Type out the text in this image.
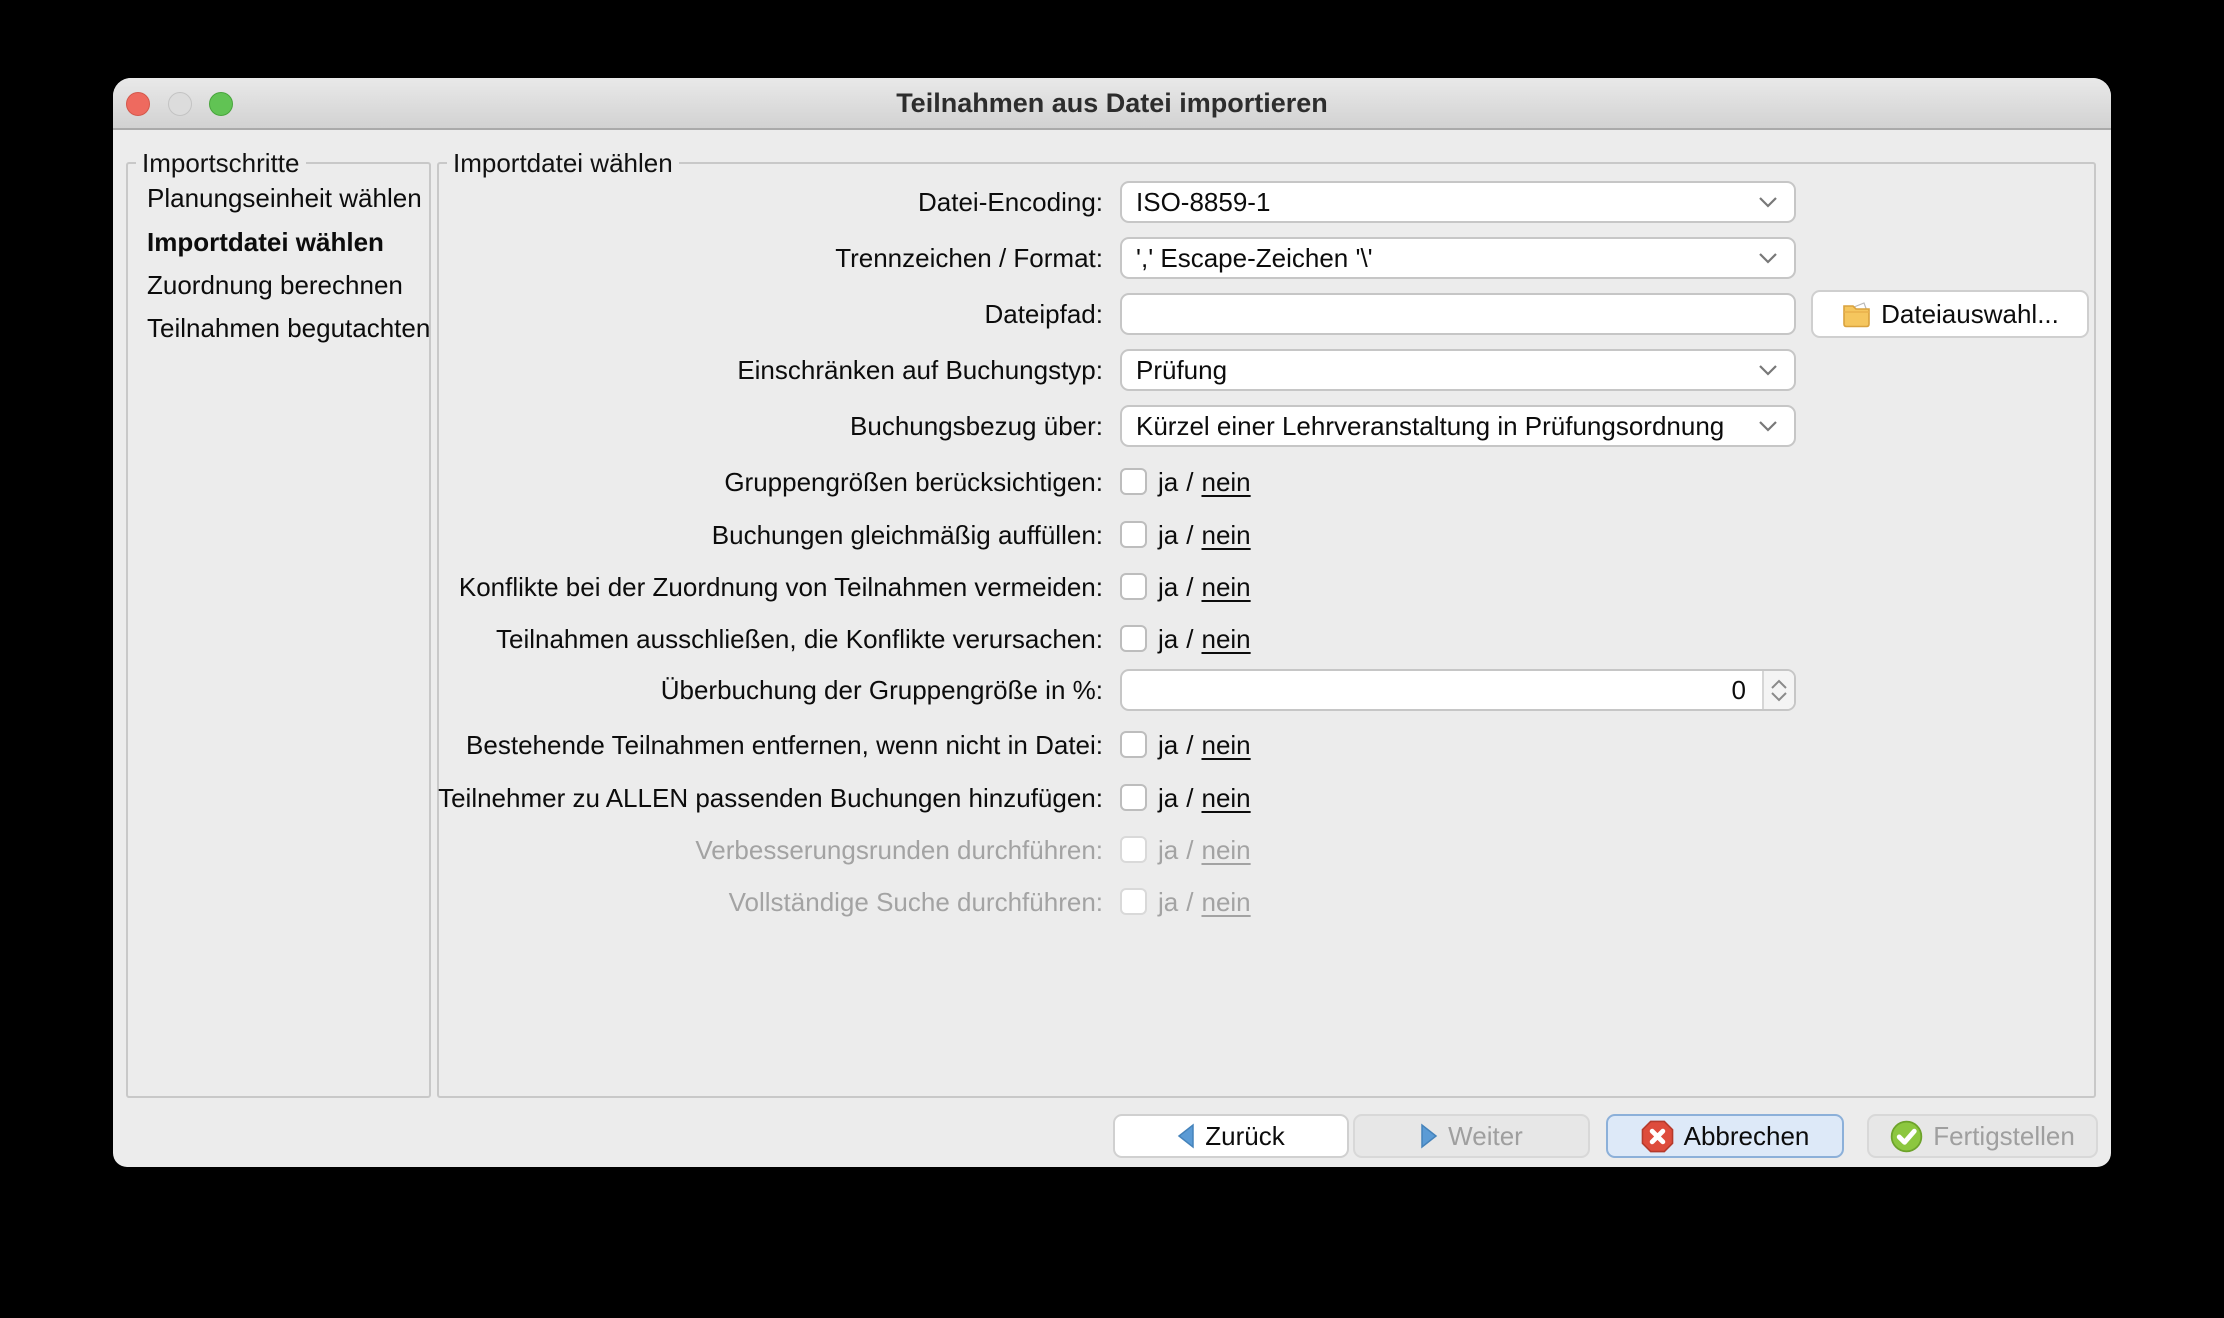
Teilnahmen aus Datei importieren
Importschritte
Planungseinheit wählen
Importdatei wählen
Zuordnung berechnen
Teilnahmen begutachten
Importdatei wählen
Datei-Encoding: ISO-8859-1
Trennzeichen / Format: ',' Escape-Zeichen '\'
Dateipfad:	Dateiauswahl...
Einschränken auf Buchungstyp: Prüfung
Buchungsbezug über: Kürzel einer Lehrveranstaltung in Prüfungsordnung
Gruppengrößen berücksichtigen: ja / nein
Buchungen gleichmäßig auffüllen: ja / nein
Konflikte bei der Zuordnung von Teilnahmen vermeiden: ja / nein
Teilnahmen ausschließen, die Konflikte verursachen: ja / nein
Überbuchung der Gruppengröße in %:	0
Bestehende Teilnahmen entfernen, wenn nicht in Datei: ja / nein
Teilnehmer zu ALLEN passenden Buchungen hinzufügen: ja / nein
Verbesserungsrunden durchführen: ja / nein
Vollständige Suche durchführen: ja / nein
Zurück	Weiter	Abbrechen	Fertigstellen
